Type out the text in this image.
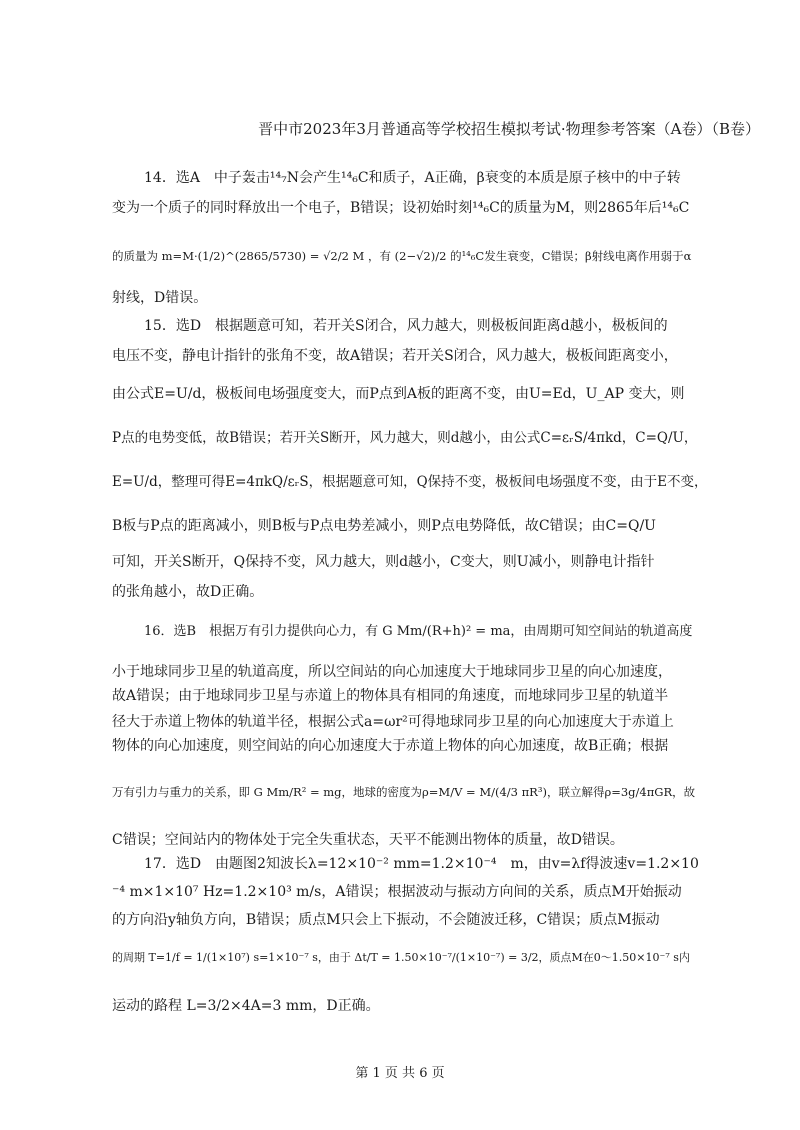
晋中市2023年3月普通高等学校招生模拟考试·物理参考答案（A卷）（B卷）
14．选A　中子轰击¹⁴₇N会产生¹⁴₆C和质子，A正确，β衰变的本质是原子核中的中子转
变为一个质子的同时释放出一个电子，B错误；设初始时刻¹⁴₆C的质量为M，则2865年后¹⁴₆C
的质量为 m=M·(1/2)^(2865/5730) = √2/2 M ，有 (2−√2)/2 的¹⁴₆C发生衰变，C错误；β射线电离作用弱于α
射线，D错误。
15．选D　根据题意可知，若开关S闭合，风力越大，则极板间距离d越小，极板间的
电压不变，静电计指针的张角不变，故A错误；若开关S闭合，风力越大，极板间距离变小，
由公式E=U/d，极板间电场强度变大，而P点到A板的距离不变，由U=Ed，U_AP 变大，则
P点的电势变低，故B错误；若开关S断开，风力越大，则d越小，由公式C=εᵣS/4πkd，C=Q/U，
E=U/d，整理可得E=4πkQ/εᵣS，根据题意可知，Q保持不变，极板间电场强度不变，由于E不变，
B板与P点的距离减小，则B板与P点电势差减小，则P点电势降低，故C错误；由C=Q/U
可知，开关S断开，Q保持不变，风力越大，则d越小，C变大，则U减小，则静电计指针
的张角越小，故D正确。
16．选B　根据万有引力提供向心力，有 G Mm/(R+h)² = ma，由周期可知空间站的轨道高度
小于地球同步卫星的轨道高度，所以空间站的向心加速度大于地球同步卫星的向心加速度，
故A错误；由于地球同步卫星与赤道上的物体具有相同的角速度，而地球同步卫星的轨道半
径大于赤道上物体的轨道半径，根据公式a=ωr²可得地球同步卫星的向心加速度大于赤道上
物体的向心加速度，则空间站的向心加速度大于赤道上物体的向心加速度，故B正确；根据
万有引力与重力的关系，即 G Mm/R² = mg，地球的密度为ρ=M/V = M/(4/3 πR³)，联立解得ρ=3g/4πGR，故
C错误；空间站内的物体处于完全失重状态，天平不能测出物体的质量，故D错误。
17．选D　由题图2知波长λ=12×10⁻² mm=1.2×10⁻⁴　m，由v=λf得波速v=1.2×10
⁻⁴ m×1×10⁷ Hz=1.2×10³ m/s，A错误；根据波动与振动方向间的关系，质点M开始振动
的方向沿y轴负方向，B错误；质点M只会上下振动，不会随波迁移，C错误；质点M振动
的周期 T=1/f = 1/(1×10⁷) s=1×10⁻⁷ s，由于 Δt/T = 1.50×10⁻⁷/(1×10⁻⁷) = 3/2，质点M在0～1.50×10⁻⁷ s内
运动的路程 L=3/2×4A=3 mm，D正确。
第 1 页 共 6 页
